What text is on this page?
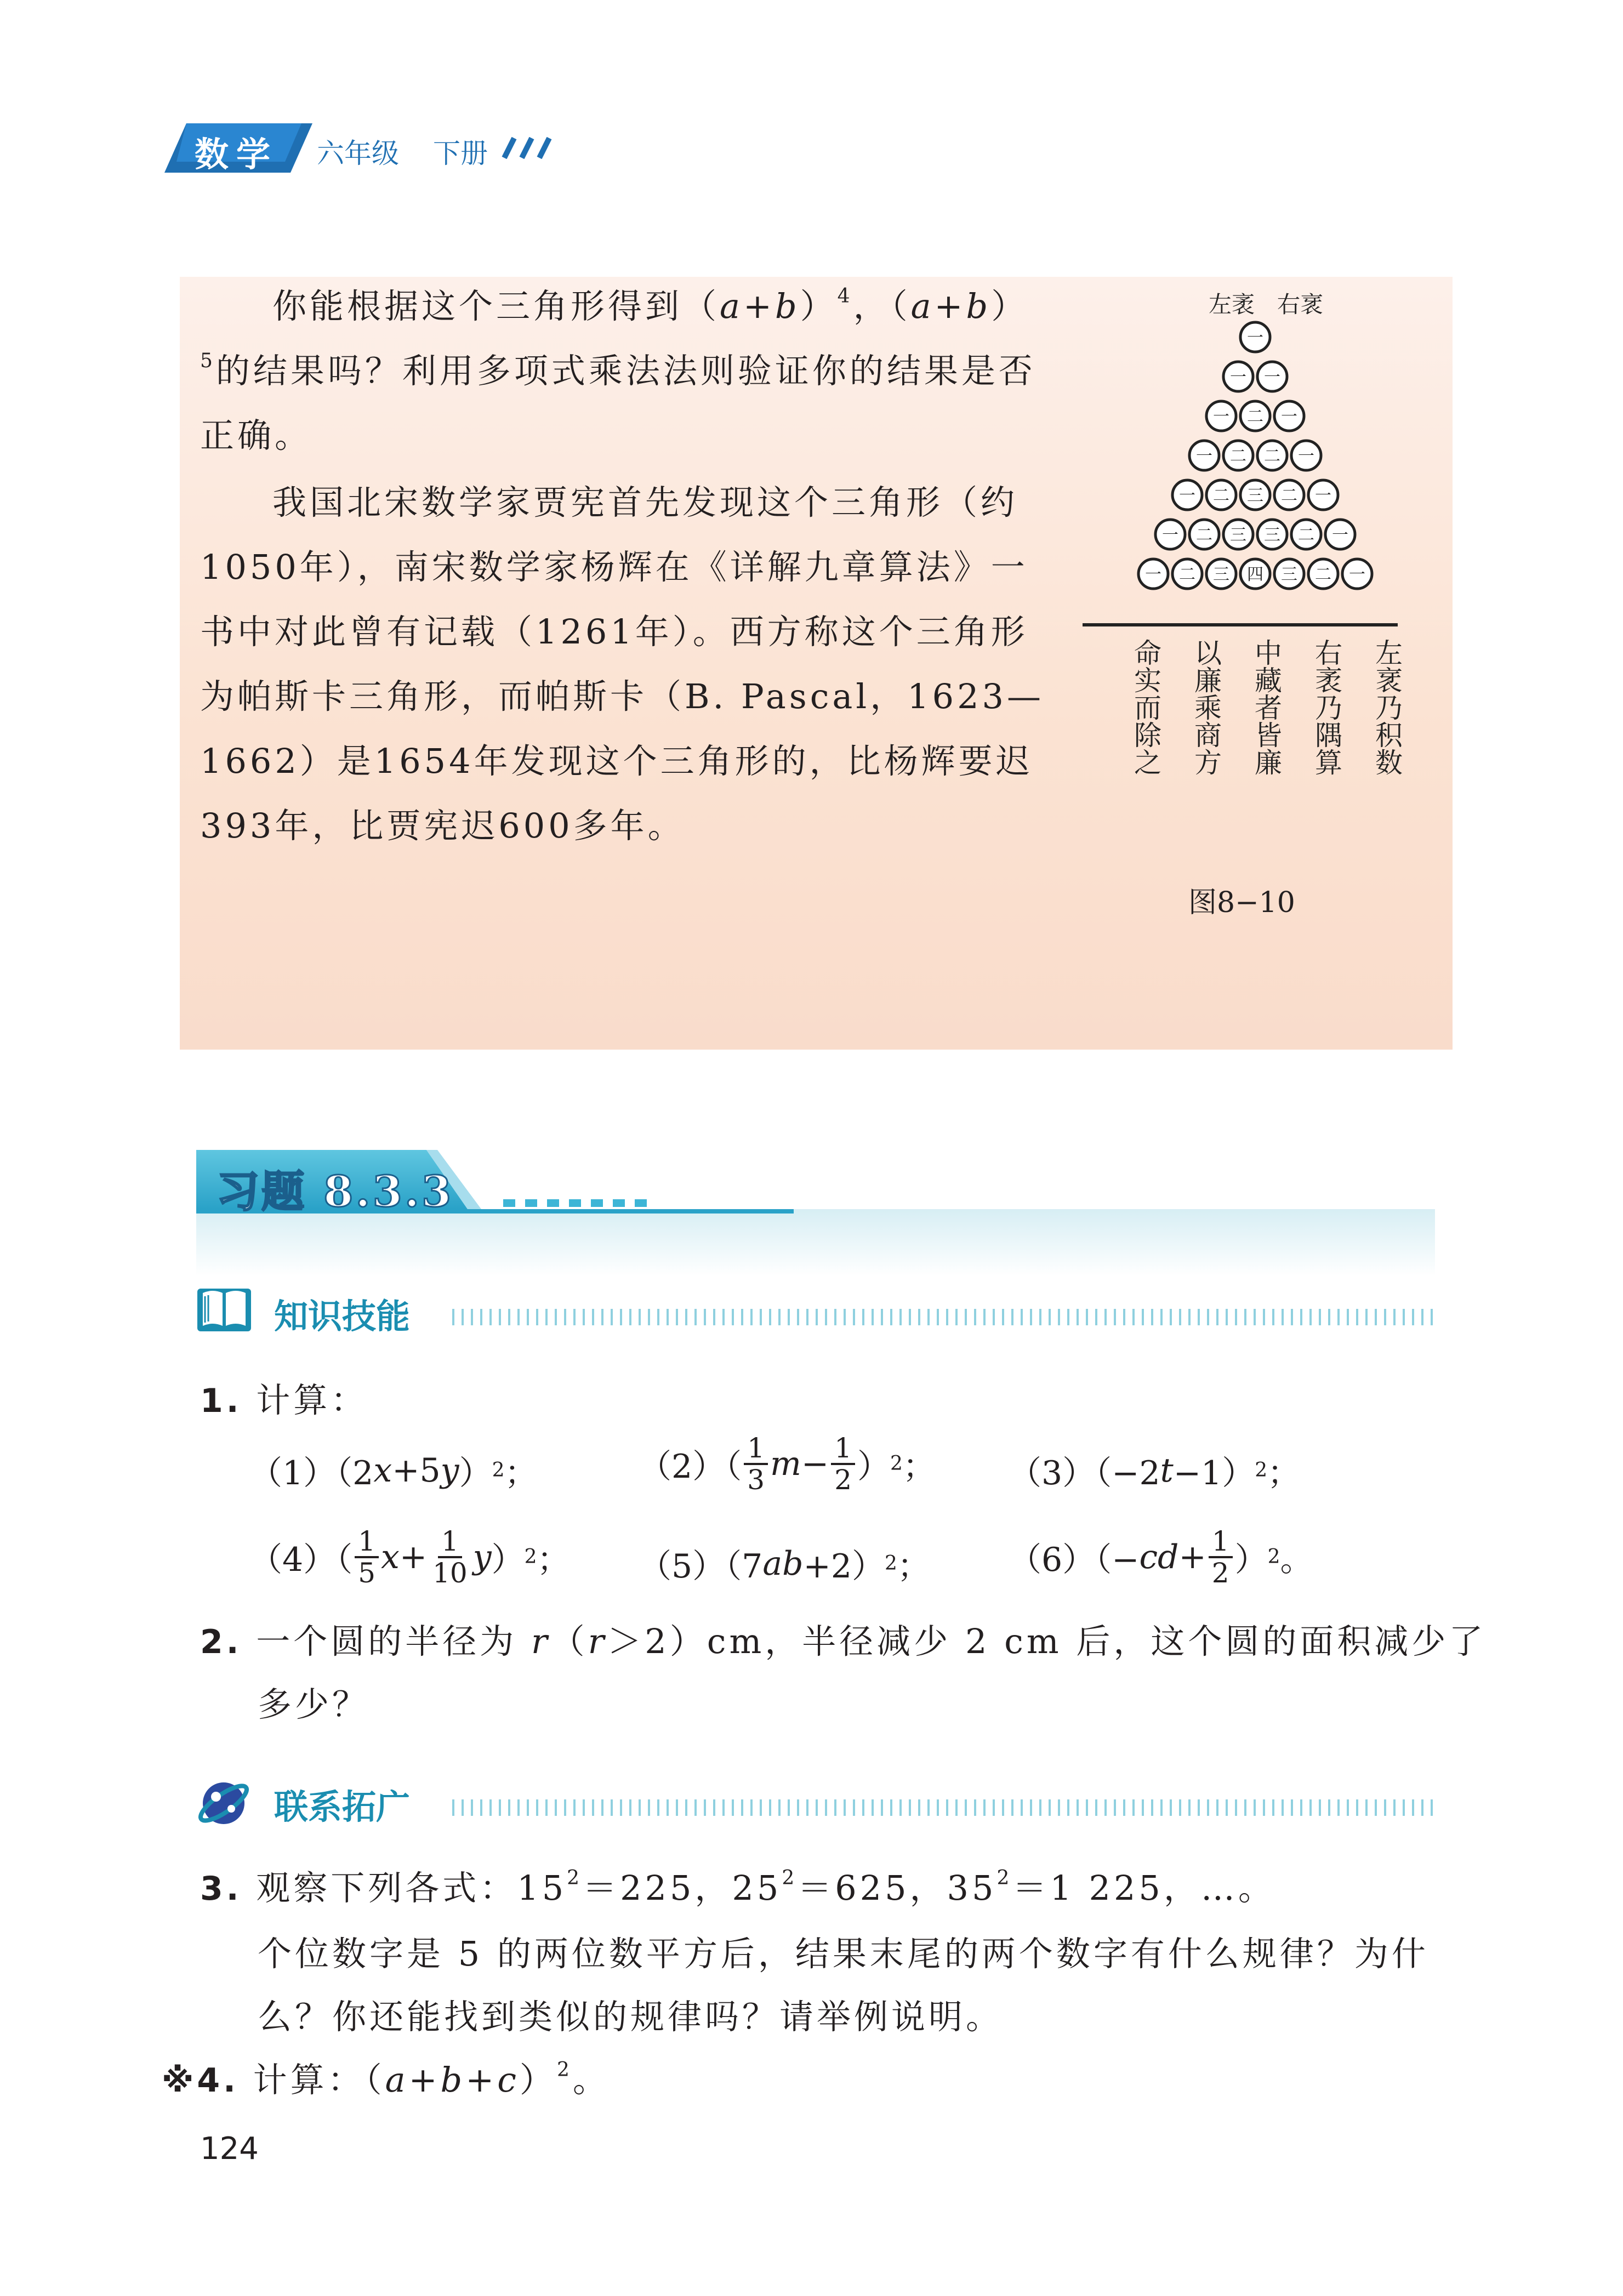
数学 六年级 下册
你能根据这个三角形得到$(a+b)^4$，$(a+b)^5$的结果吗？利用多项式乘法法则验证你的结果是否正确。
我国北宋数学家贾宪首先发现这个三角形（约1050年），南宋数学家杨辉在《详解九章算法》一书中对此曾有记载（1261年）。西方称这个三角形为帕斯卡三角形，而帕斯卡（B. Pascal，1623—1662）是1654年发现这个三角形的，比杨辉要迟393年，比贾宪迟600多年。
左袤 右衺
一
一 一
一 二 一
一 二 二 一
一 二 三 二 一
一 二 三 三 二 一
一 二 三 四 三 二 一
左衺乃积数
右袤乃隅算
中藏者皆廉
以廉乘商方
命实而除之
图8−10
习题 8.3.3
知识技能
1. 计算：
（1）（2 x +5 y ） 2 ；	$(2)( \frac{1}{3}$ $m - \frac{1}{2}$ ） 2 ； （3）（−2 t −1） 2 ；
$(4)( \frac{1}{5}$ $x + \frac{1}{10}$ y ） 2 ； （5）（7 ab +2） 2 ； （6）（− cd + $\frac{1}{2}$ ） 2 。
2. 一个圆的半径为 r（r＞2）cm，半径减少 2 cm 后，这个圆的面积减少了
多少？
联系拓广
3. 观察下列各式：$15^2=225$，$25^2=625$，$35^2=1$ 225，…。
个位数字是 5 的两位数平方后，结果末尾的两个数字有什么规律？为什
么？你还能找到类似的规律吗？请举例说明。
※4. 计算：$(a+b+c)^2$。
124
